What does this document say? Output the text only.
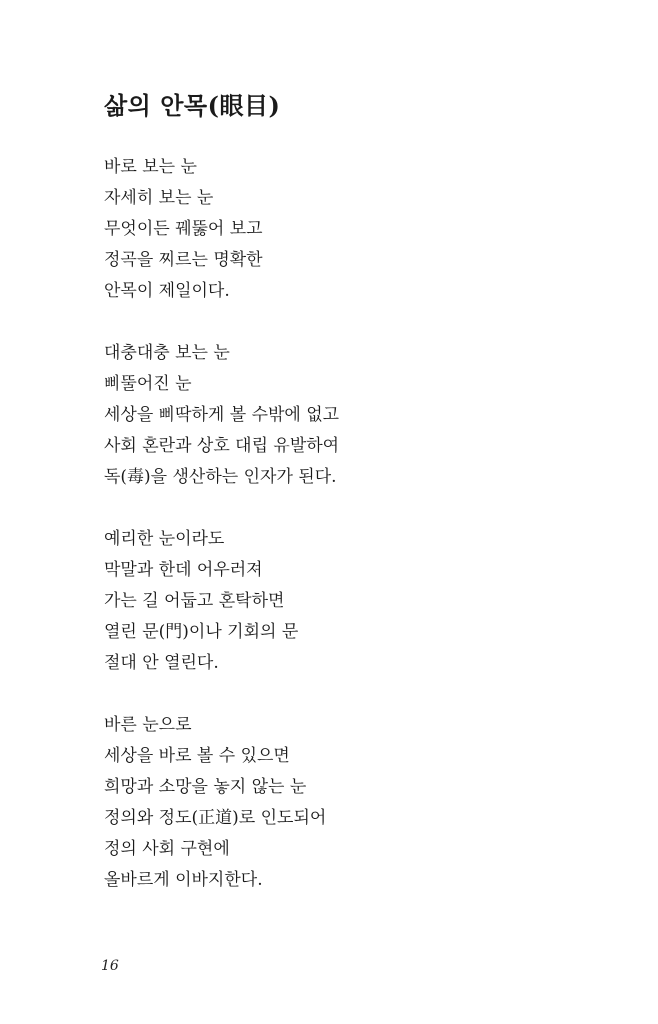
삶의 안목(眼目)
바로 보는 눈
자세히 보는 눈
무엇이든 꿰뚫어 보고
정곡을 찌르는 명확한
안목이 제일이다.
대충대충 보는 눈
삐뚤어진 눈
세상을 삐딱하게 볼 수밖에 없고
사회 혼란과 상호 대립 유발하여
독(毒)을 생산하는 인자가 된다.
예리한 눈이라도
막말과 한데 어우러져
가는 길 어둡고 혼탁하면
열린 문(門)이나 기회의 문
절대 안 열린다.
바른 눈으로
세상을 바로 볼 수 있으면
희망과 소망을 놓지 않는 눈
정의와 정도(正道)로 인도되어
정의 사회 구현에
올바르게 이바지한다.
16
